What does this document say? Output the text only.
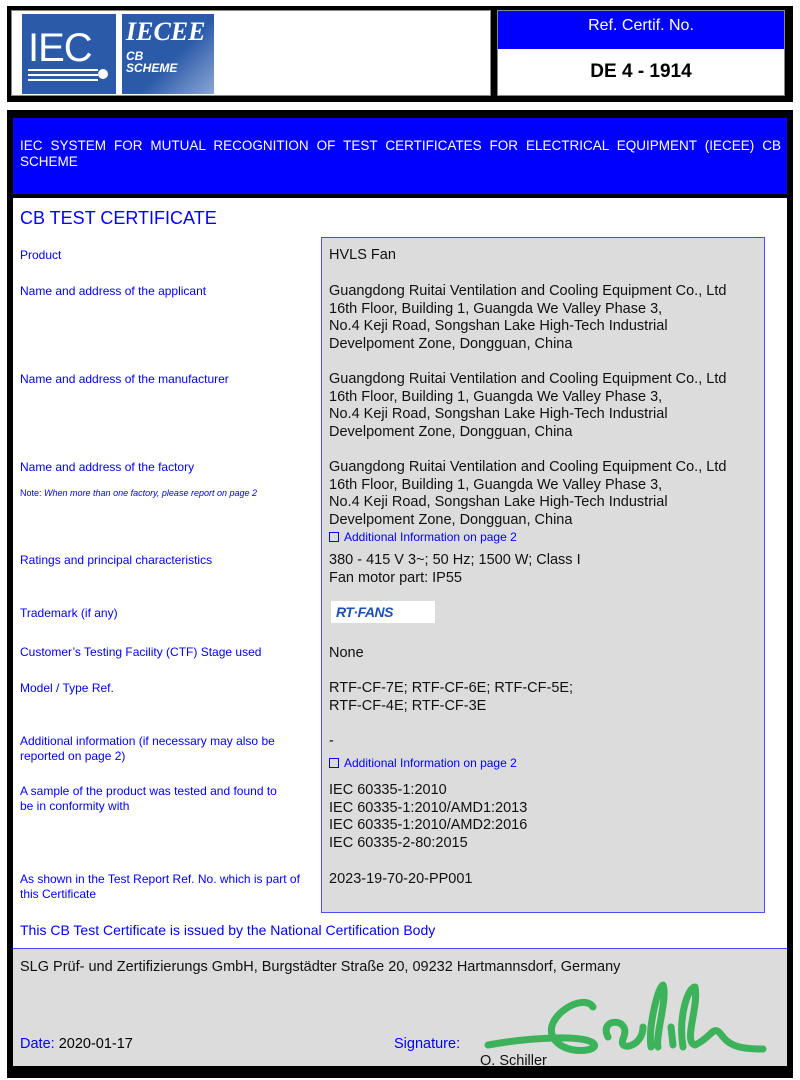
IEC	IECEE
CB
SCHEME
Ref. Certif. No.
DE 4 - 1914
IEC SYSTEM FOR MUTUAL RECOGNITION OF TEST CERTIFICATES FOR ELECTRICAL EQUIPMENT (IECEE) CB SCHEME
CB TEST CERTIFICATE
Product
Name and address of the applicant
Name and address of the manufacturer
Name and address of the factory
Note: When more than one factory, please report on page 2
Ratings and principal characteristics
Trademark (if any)
Customer’s Testing Facility (CTF) Stage used
Model / Type Ref.
Additional information (if necessary may also be reported on page 2)
A sample of the product was tested and found to be in conformity with
As shown in the Test Report Ref. No. which is part of this Certificate
HVLS Fan
Guangdong Ruitai Ventilation and Cooling Equipment Co., Ltd
16th Floor, Building 1, Guangda We Valley Phase 3,
No.4 Keji Road, Songshan Lake High-Tech Industrial
Develpoment Zone, Dongguan, China
Guangdong Ruitai Ventilation and Cooling Equipment Co., Ltd
16th Floor, Building 1, Guangda We Valley Phase 3,
No.4 Keji Road, Songshan Lake High-Tech Industrial
Develpoment Zone, Dongguan, China
Guangdong Ruitai Ventilation and Cooling Equipment Co., Ltd
16th Floor, Building 1, Guangda We Valley Phase 3,
No.4 Keji Road, Songshan Lake High-Tech Industrial
Develpoment Zone, Dongguan, China
Additional Information on page 2
380 - 415 V 3~; 50 Hz; 1500 W; Class I
Fan motor part: IP55
RT·FANS
None
RTF-CF-7E; RTF-CF-6E; RTF-CF-5E;
RTF-CF-4E; RTF-CF-3E
-
Additional Information on page 2
IEC 60335-1:2010
IEC 60335-1:2010/AMD1:2013
IEC 60335-1:2010/AMD2:2016
IEC 60335-2-80:2015
2023-19-70-20-PP001
This CB Test Certificate is issued by the National Certification Body
SLG Prüf- und Zertifizierungs GmbH, Burgstädter Straße 20, 09232 Hartmannsdorf, Germany
Date: 2020-01-17	Signature:
O. Schiller
